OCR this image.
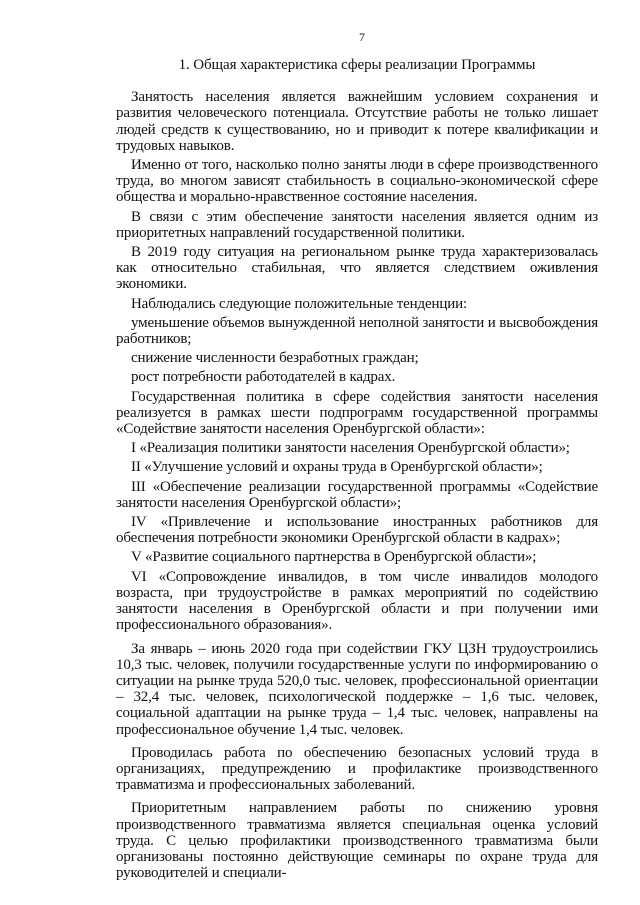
7
1. Общая характеристика сферы реализации Программы

Занятость населения является важнейшим условием сохранения и развития человеческого потенциала. Отсутствие работы не только лишает людей средств к существованию, но и приводит к потере квалификации и трудовых навыков.

Именно от того, насколько полно заняты люди в сфере производственного труда, во многом зависят стабильность в социально-экономической сфере общества и морально-нравственное состояние населения.

В связи с этим обеспечение занятости населения является одним из приоритетных направлений государственной политики.

В 2019 году ситуация на региональном рынке труда характеризовалась как относительно стабильная, что является следствием оживления экономики.

Наблюдались следующие положительные тенденции:

уменьшение объемов вынужденной неполной занятости и высвобождения работников;

снижение численности безработных граждан;

рост потребности работодателей в кадрах.

Государственная политика в сфере содействия занятости населения реализуется в рамках шести подпрограмм государственной программы «Содействие занятости населения Оренбургской области»:

I «Реализация политики занятости населения Оренбургской области»;

II «Улучшение условий и охраны труда в Оренбургской области»;

III «Обеспечение реализации государственной программы «Содействие занятости населения Оренбургской области»;

IV «Привлечение и использование иностранных работников для обеспечения потребности экономики Оренбургской области в кадрах»;

V «Развитие социального партнерства в Оренбургской области»;

VI «Сопровождение инвалидов, в том числе инвалидов молодого возраста, при трудоустройстве в рамках мероприятий по содействию занятости населения в Оренбургской области и при получении ими профессионального образования».

За январь – июнь 2020 года при содействии ГКУ ЦЗН трудоустроились 10,3 тыс. человек, получили государственные услуги по информированию о ситуации на рынке труда 520,0 тыс. человек, профессиональной ориентации – 32,4 тыс. человек, психологической поддержке – 1,6 тыс. человек, социальной адаптации на рынке труда – 1,4 тыс. человек, направлены на профессиональное обучение 1,4 тыс. человек.

Проводилась работа по обеспечению безопасных условий труда в организациях, предупреждению и профилактике производственного травматизма и профессиональных заболеваний.

Приоритетным направлением работы по снижению уровня производственного травматизма является специальная оценка условий труда. С целью профилактики производственного травматизма были организованы постоянно действующие семинары по охране труда для руководителей и специали-
